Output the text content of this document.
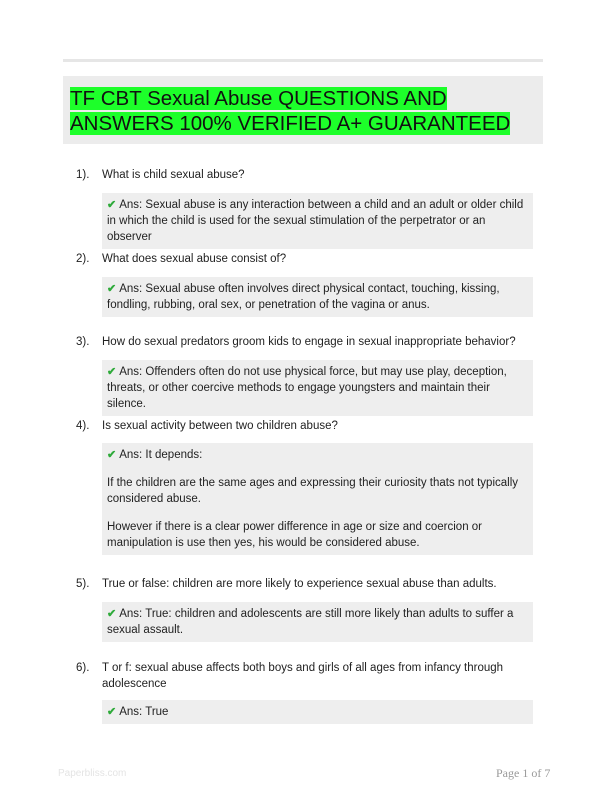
TF CBT Sexual Abuse QUESTIONS AND ANSWERS 100% VERIFIED A+ GUARANTEED
1). What is child sexual abuse?

✔ Ans: Sexual abuse is any interaction between a child and an adult or older child in which the child is used for the sexual stimulation of the perpetrator or an observer

2). What does sexual abuse consist of?

✔ Ans: Sexual abuse often involves direct physical contact, touching, kissing, fondling, rubbing, oral sex, or penetration of the vagina or anus.

3). How do sexual predators groom kids to engage in sexual inappropriate behavior?

✔ Ans: Offenders often do not use physical force, but may use play, deception, threats, or other coercive methods to engage youngsters and maintain their silence.

4). Is sexual activity between two children abuse?

✔ Ans: It depends:

If the children are the same ages and expressing their curiosity thats not typically considered abuse.

However if there is a clear power difference in age or size and coercion or manipulation is use then yes, his would be considered abuse.

5). True or false: children are more likely to experience sexual abuse than adults.

✔ Ans: True: children and adolescents are still more likely than adults to suffer a sexual assault.

6). T or f: sexual abuse affects both boys and girls of all ages from infancy through adolescence

✔ Ans: True

Paperbliss.com	Page 1 of 7
